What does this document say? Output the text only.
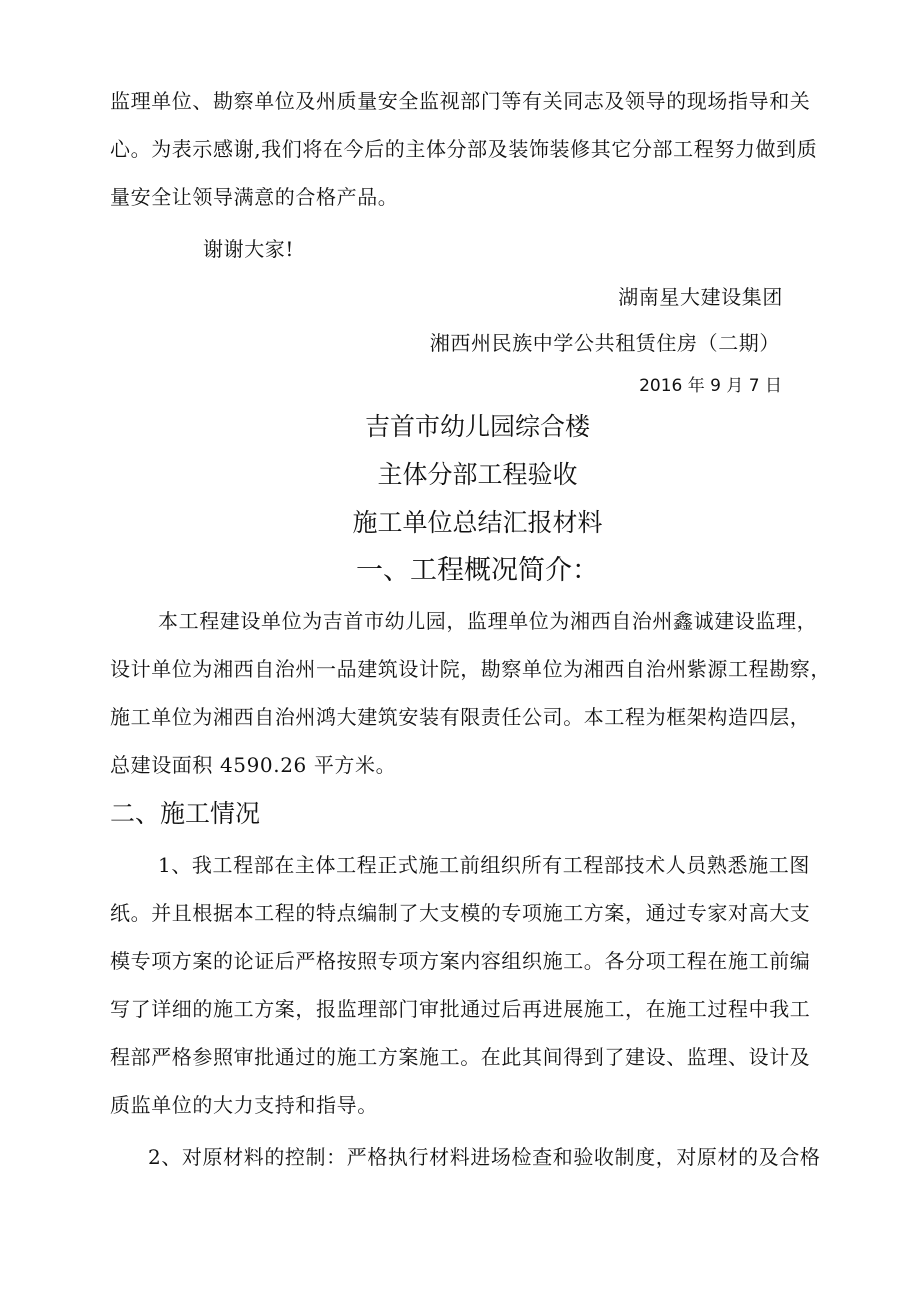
监理单位、勘察单位及州质量安全监视部门等有关同志及领导的现场指导和关
心。为表示感谢,我们将在今后的主体分部及装饰装修其它分部工程努力做到质
量安全让领导满意的合格产品。
谢谢大家!
湖南星大建设集团
湘西州民族中学公共租赁住房（二期）
2016 年 9 月 7 日
吉首市幼儿园综合楼
主体分部工程验收
施工单位总结汇报材料
一、工程概况简介：
本工程建设单位为吉首市幼儿园，监理单位为湘西自治州鑫诚建设监理，
设计单位为湘西自治州一品建筑设计院，勘察单位为湘西自治州紫源工程勘察，
施工单位为湘西自治州鸿大建筑安装有限责任公司。本工程为框架构造四层，
总建设面积 4590.26 平方米。
二、施工情况
1、我工程部在主体工程正式施工前组织所有工程部技术人员熟悉施工图
纸。并且根据本工程的特点编制了大支模的专项施工方案，通过专家对高大支
模专项方案的论证后严格按照专项方案内容组织施工。各分项工程在施工前编
写了详细的施工方案，报监理部门审批通过后再进展施工，在施工过程中我工
程部严格参照审批通过的施工方案施工。在此其间得到了建设、监理、设计及
质监单位的大力支持和指导。
2、对原材料的控制：严格执行材料进场检查和验收制度，对原材的及合格
